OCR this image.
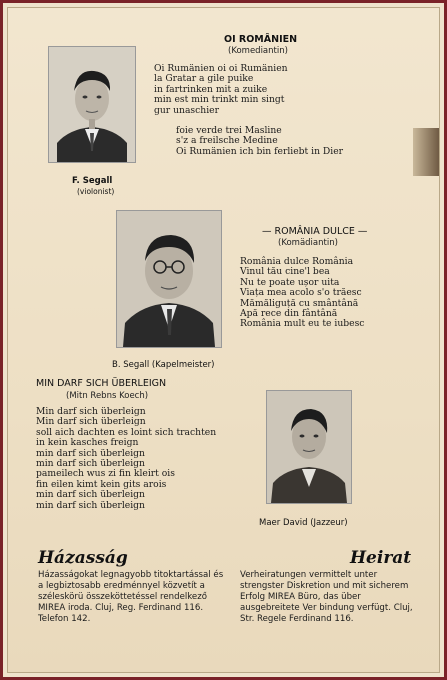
F. Segall
(violonist)
OI ROMÂNIEN
(Komediantin)
Oi Rumänien oi oi Rumänien
la Gratar a gile puike
in fartrinken mit a zuike
min est min trinkt min singt
gur unaschier
foie verde trei Masline
s'z a freilsche Medine
Oi Rumänien ich bin ferliebt in Dier
B. Segall (Kapelmeister)
— ROMÂNIA DULCE —
(Komädiantin)
România dulce România
Vinul tău cine'l bea
Nu te poate ușor uita
Viața mea acolo s'o trăesc
Mămăliguță cu smântână
Apă rece din fântână
România mult eu te iubesc
MIN DARF SICH ÜBERLEIGN
(Mitn Rebns Koech)
Min darf sich überleign
Min darf sich überleign
soll aich dachten es loint sich trachten
in kein kasches freign
min darf sich überleign
min darf sich überleign
pameilech wus zi fin kleirt ois
fin eilen kimt kein gits arois
min darf sich überleign
min darf sich überleign
Maer David (Jazzeur)
Házasság
Házasságokat legnagyobb titoktartással és a legbiztosabb eredménnyel közvetít a széleskörü összeköttetéssel rendelkező MIREA iroda. Cluj, Reg. Ferdinand 116. Telefon 142.
Heirat
Verheiratungen vermittelt unter strengster Diskretion und mit sicherem Erfolg MIREA Büro, das über ausgebreitete Ver bindung verfügt. Cluj, Str. Regele Ferdinand 116.
